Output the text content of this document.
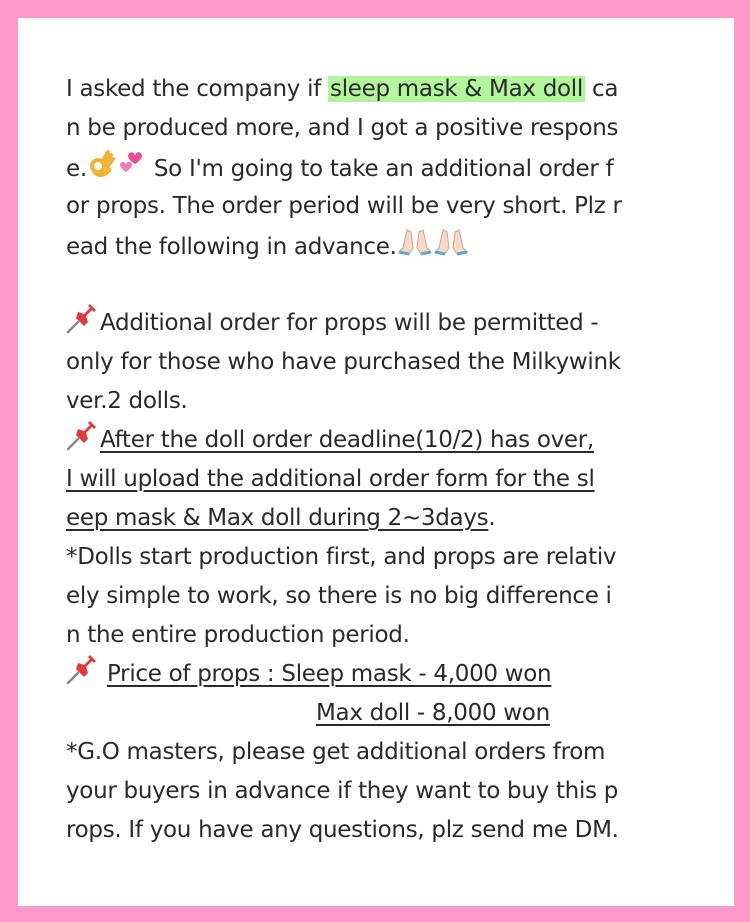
I asked the company if sleep mask & Max doll ca
n be produced more, and I got a positive respons
e.	So I'm going to take an additional order f
or props. The order period will be very short. Plz r
ead the following in advance.
Additional order for props will be permitted -
only for those who have purchased the Milkywink
ver.2 dolls.
After the doll order deadline(10/2) has over,
I will upload the additional order form for the sl
eep mask & Max doll during 2~3days.
*Dolls start production first, and props are relativ
ely simple to work, so there is no big difference i
n the entire production period.
Price of props : Sleep mask - 4,000 won
Max doll - 8,000 won
*G.O masters, please get additional orders from
your buyers in advance if they want to buy this p
rops. If you have any questions, plz send me DM.
